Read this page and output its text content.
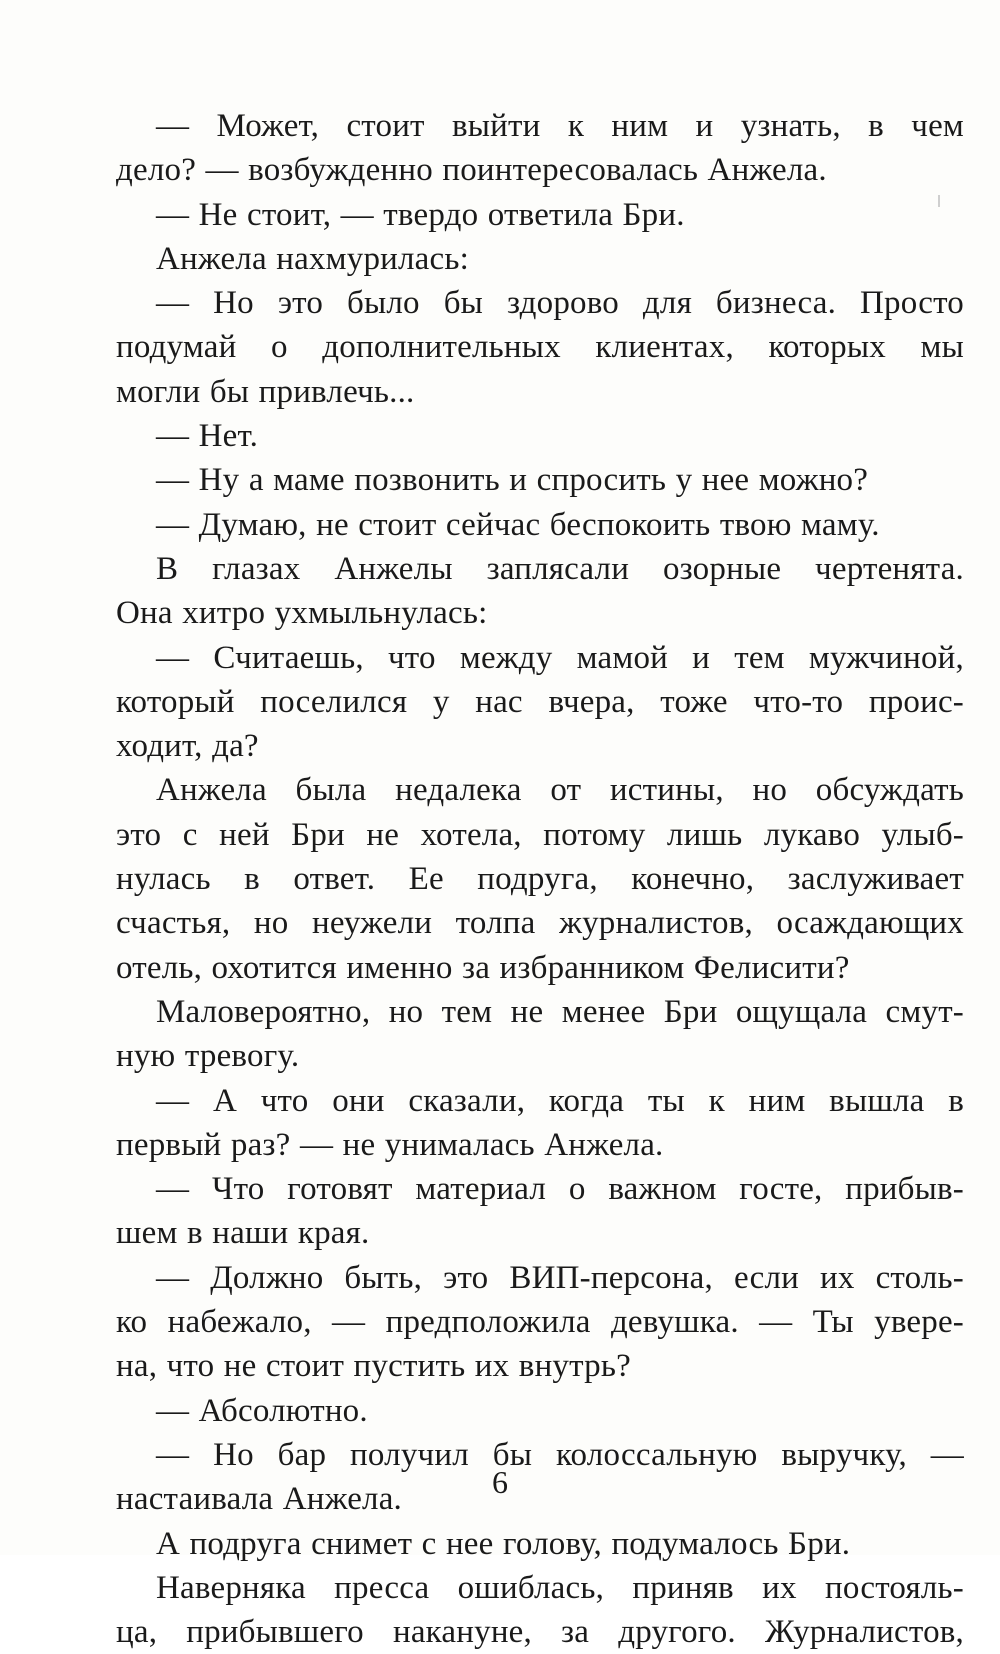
— Может, стоит выйти к ним и узнать, в чем
дело? — возбужденно поинтересовалась Анжела.
— Не стоит, — твердо ответила Бри.
Анжела нахмурилась:
— Но это было бы здорово для бизнеса. Просто
подумай о дополнительных клиентах, которых мы
могли бы привлечь...
— Нет.
— Ну а маме позвонить и спросить у нее можно?
— Думаю, не стоит сейчас беспокоить твою маму.
В глазах Анжелы заплясали озорные чертенята.
Она хитро ухмыльнулась:
— Считаешь, что между мамой и тем мужчиной,
который поселился у нас вчера, тоже что-то проис-
ходит, да?
Анжела была недалека от истины, но обсуждать
это с ней Бри не хотела, потому лишь лукаво улыб-
нулась в ответ. Ее подруга, конечно, заслуживает
счастья, но неужели толпа журналистов, осаждающих
отель, охотится именно за избранником Фелисити?
Маловероятно, но тем не менее Бри ощущала смут-
ную тревогу.
— А что они сказали, когда ты к ним вышла в
первый раз? — не унималась Анжела.
— Что готовят материал о важном госте, прибыв-
шем в наши края.
— Должно быть, это ВИП-персона, если их столь-
ко набежало, — предположила девушка. — Ты увере-
на, что не стоит пустить их внутрь?
— Абсолютно.
— Но бар получил бы колоссальную выручку, —
настаивала Анжела.
А подруга снимет с нее голову, подумалось Бри.
Наверняка пресса ошиблась, приняв их постояль-
ца, прибывшего накануне, за другого. Журналистов,
6
